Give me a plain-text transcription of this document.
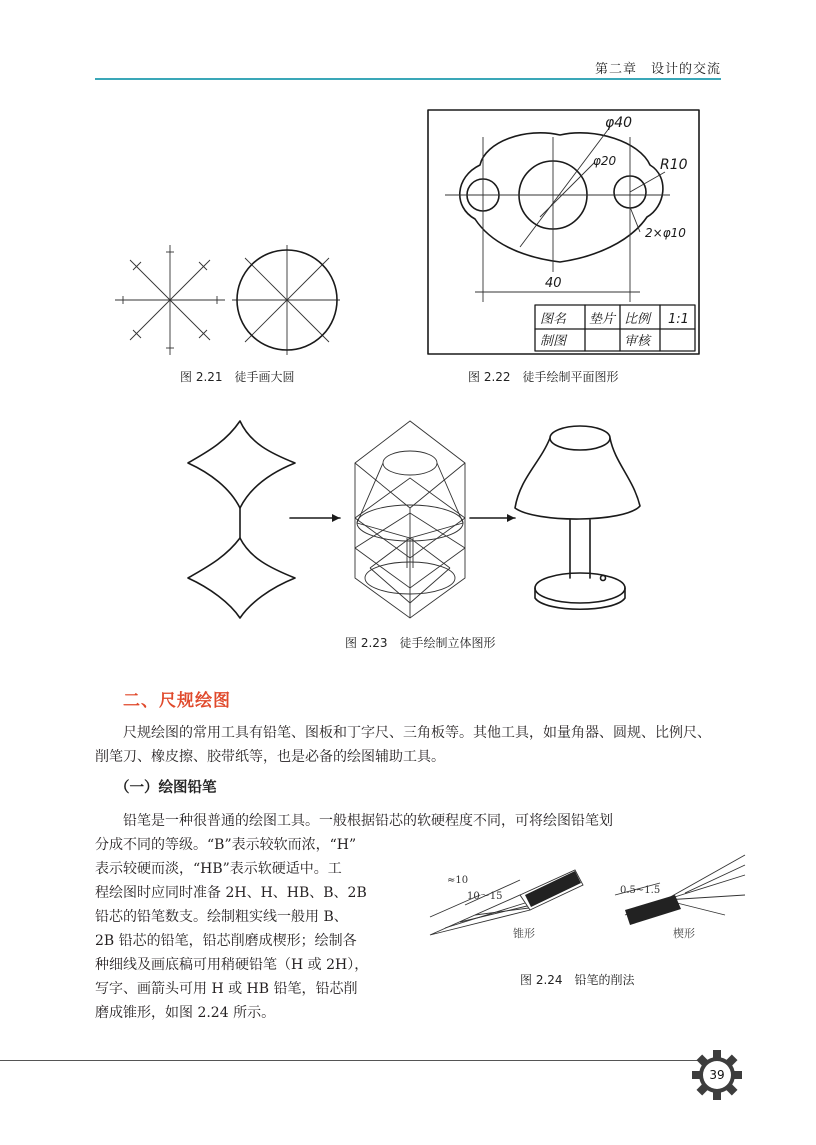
第二章　设计的交流
图 2.21 徒手画大圆
φ40
φ20	R10
2×φ10
40
图名 垫片 比例 1:1
制图	审核
图 2.22 徒手绘制平面图形
图 2.23 徒手绘制立体图形
二、尺规绘图
尺规绘图的常用工具有铅笔、图板和丁字尺、三角板等。其他工具，如量角器、圆规、比例尺、削笔刀、橡皮擦、胶带纸等，也是必备的绘图辅助工具。
（一）绘图铅笔
铅笔是一种很普通的绘图工具。一般根据铅芯的软硬程度不同，可将绘图铅笔划
分成不同的等级。“B”表示较软而浓，“H”
表示较硬而淡，“HB”表示软硬适中。工
程绘图时应同时准备 2H、H、HB、B、2B
铅芯的铅笔数支。绘制粗实线一般用 B、
2B 铅芯的铅笔，铅芯削磨成楔形；绘制各
种细线及画底稿可用稍硬铅笔（H 或 2H），
写字、画箭头可用 H 或 HB 铅笔，铅芯削
磨成锥形，如图 2.24 所示。
≈10
10～15
锥形
0.5~1.5
楔形
图 2.24 铅笔的削法
39
